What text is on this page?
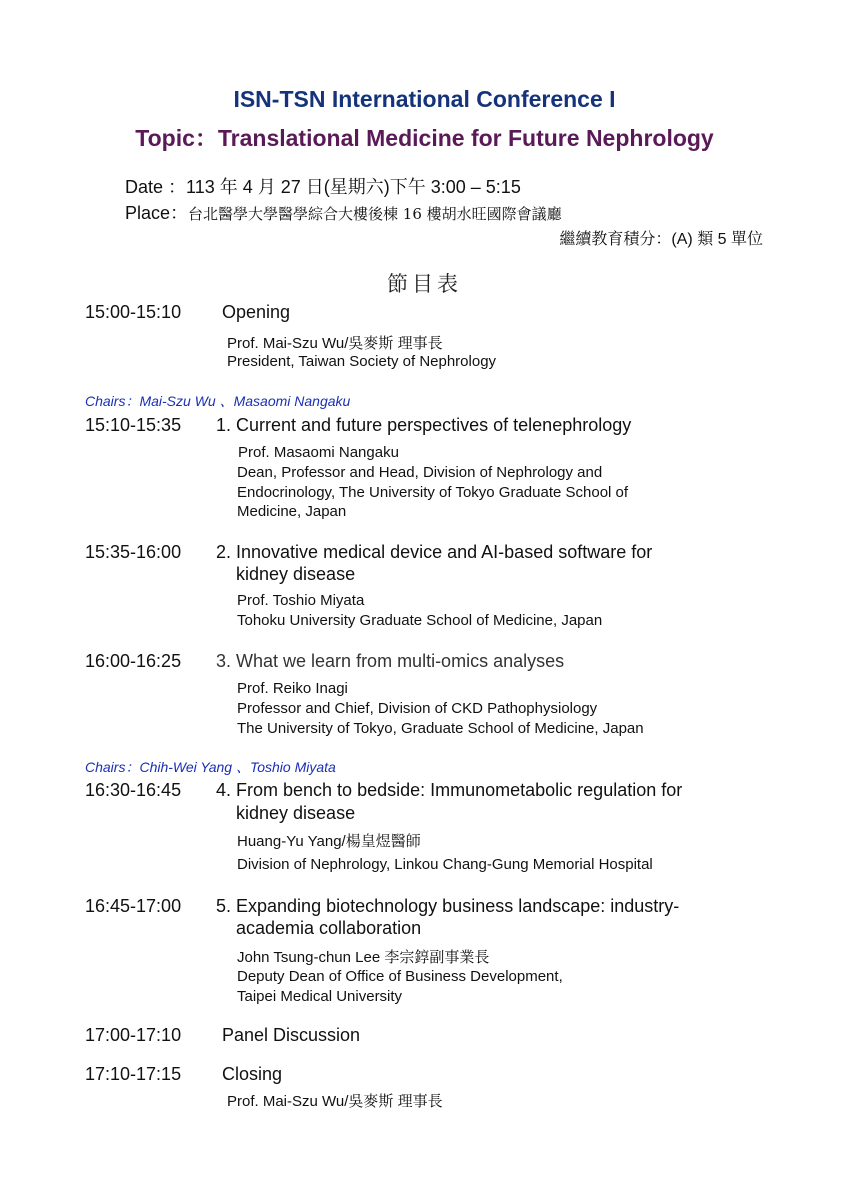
ISN-TSN International Conference I
Topic：Translational Medicine for Future Nephrology
Date ：113 年 4 月 27 日(星期六)下午 3:00 – 5:15
Place：台北醫學大學醫學綜合大樓後棟 16 樓胡水旺國際會議廳
繼續教育積分：(A) 類 5 單位
節目表
15:00-15:10 Opening
Prof. Mai-Szu Wu/吳麥斯 理事長
President, Taiwan Society of Nephrology
Chairs：Mai-Szu Wu 、Masaomi Nangaku
15:10-15:35 1. Current and future perspectives of telenephrology
Prof. Masaomi Nangaku
Dean, Professor and Head, Division of Nephrology and
Endocrinology, The University of Tokyo Graduate School of
Medicine, Japan
15:35-16:00 2. Innovative medical device and AI-based software for
kidney disease
Prof. Toshio Miyata
Tohoku University Graduate School of Medicine, Japan
16:00-16:25 3. What we learn from multi-omics analyses
Prof. Reiko Inagi
Professor and Chief, Division of CKD Pathophysiology
The University of Tokyo, Graduate School of Medicine, Japan
Chairs：Chih-Wei Yang 、Toshio Miyata
16:30-16:45 4. From bench to bedside: Immunometabolic regulation for
kidney disease
Huang-Yu Yang/楊皇煜醫師
Division of Nephrology, Linkou Chang-Gung Memorial Hospital
16:45-17:00 5. Expanding biotechnology business landscape: industry-
academia collaboration
John Tsung-chun Lee 李宗錞副事業長
Deputy Dean of Office of Business Development,
Taipei Medical University
17:00-17:10 Panel Discussion
17:10-17:15 Closing
Prof. Mai-Szu Wu/吳麥斯 理事長
